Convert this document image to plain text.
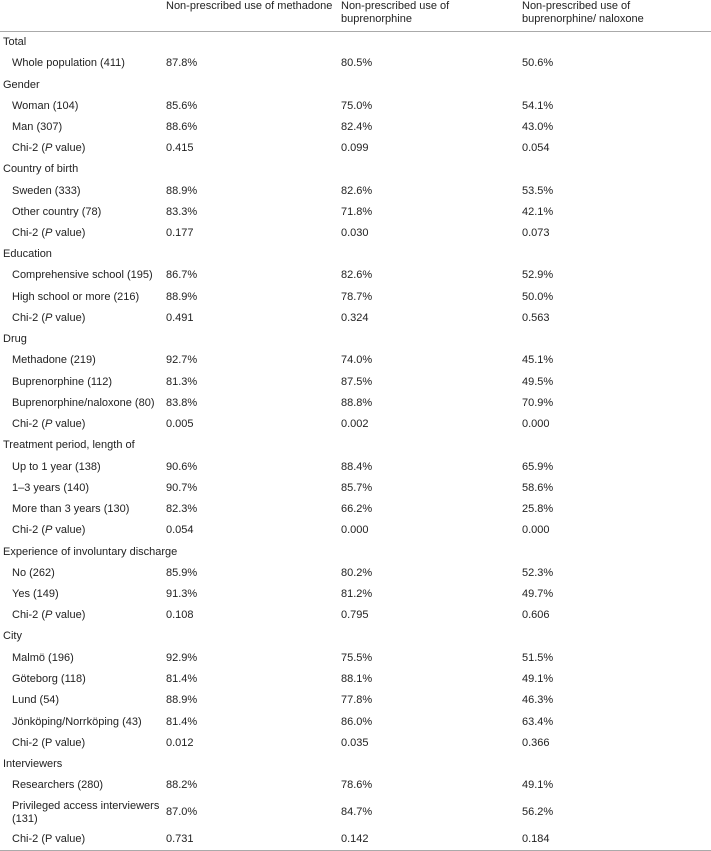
	Non-prescribed use of methadone	Non-prescribed use of buprenorphine	Non-prescribed use of buprenorphine/ naloxone
Total			
Whole population (411)	87.8%	80.5%	50.6%
Gender			
Woman (104)	85.6%	75.0%	54.1%
Man (307)	88.6%	82.4%	43.0%
Chi-2 (P value)	0.415	0.099	0.054
Country of birth			
Sweden (333)	88.9%	82.6%	53.5%
Other country (78)	83.3%	71.8%	42.1%
Chi-2 (P value)	0.177	0.030	0.073
Education			
Comprehensive school (195)	86.7%	82.6%	52.9%
High school or more (216)	88.9%	78.7%	50.0%
Chi-2 (P value)	0.491	0.324	0.563
Drug			
Methadone (219)	92.7%	74.0%	45.1%
Buprenorphine (112)	81.3%	87.5%	49.5%
Buprenorphine/naloxone (80)	83.8%	88.8%	70.9%
Chi-2 (P value)	0.005	0.002	0.000
Treatment period, length of			
Up to 1 year (138)	90.6%	88.4%	65.9%
1–3 years (140)	90.7%	85.7%	58.6%
More than 3 years (130)	82.3%	66.2%	25.8%
Chi-2 (P value)	0.054	0.000	0.000
Experience of involuntary discharge			
No (262)	85.9%	80.2%	52.3%
Yes (149)	91.3%	81.2%	49.7%
Chi-2 (P value)	0.108	0.795	0.606
City			
Malmö (196)	92.9%	75.5%	51.5%
Göteborg (118)	81.4%	88.1%	49.1%
Lund (54)	88.9%	77.8%	46.3%
Jönköping/Norrköping (43)	81.4%	86.0%	63.4%
Chi-2 (P value)	0.012	0.035	0.366
Interviewers			
Researchers (280)	88.2%	78.6%	49.1%
Privileged access interviewers (131)	87.0%	84.7%	56.2%
Chi-2 (P value)	0.731	0.142	0.184
